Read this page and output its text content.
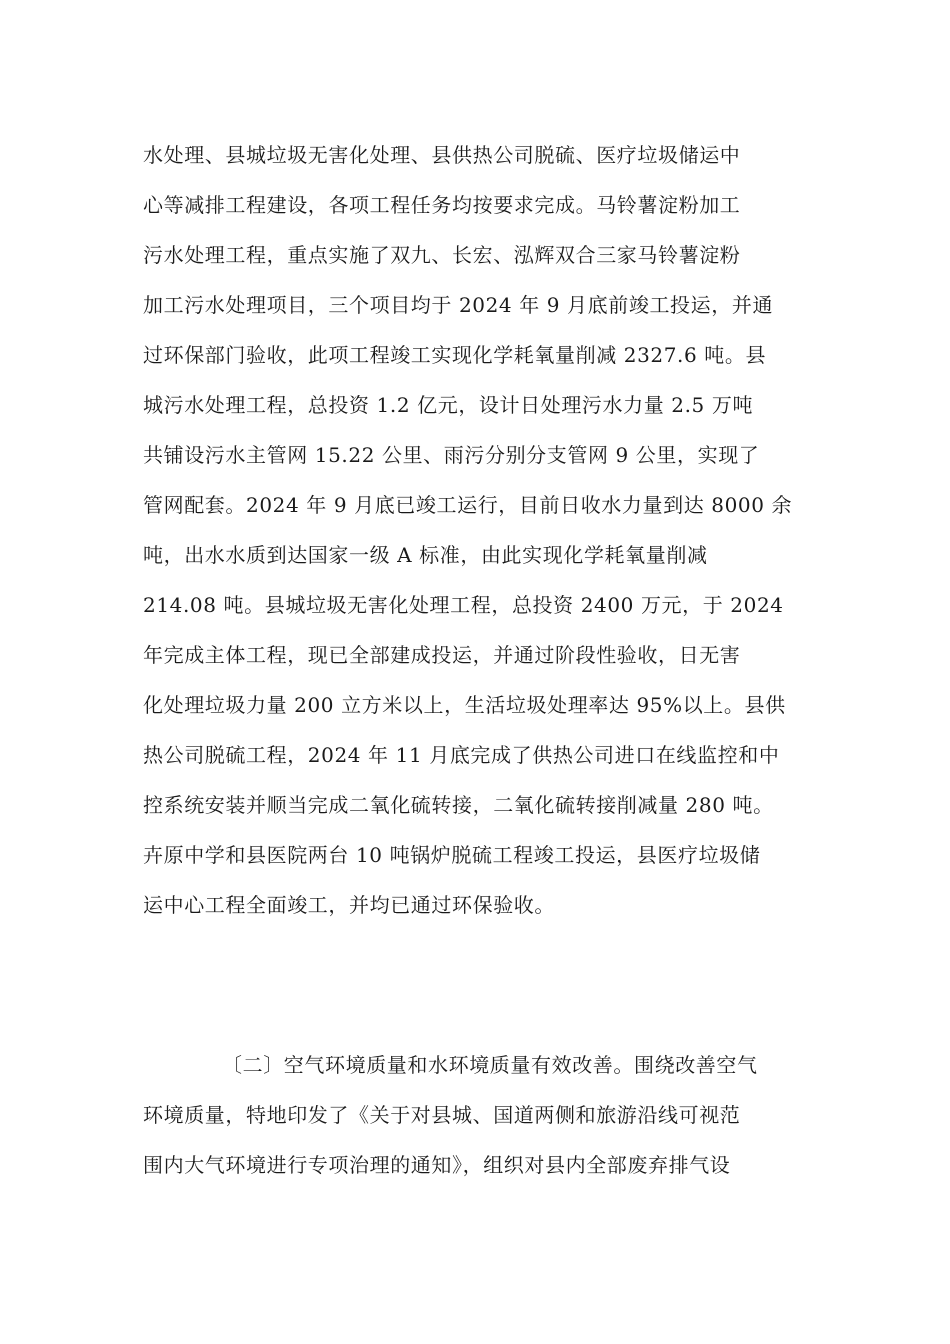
水处理、县城垃圾无害化处理、县供热公司脱硫、医疗垃圾储运中
心等减排工程建设，各项工程任务均按要求完成。马铃薯淀粉加工
污水处理工程，重点实施了双九、长宏、泓辉双合三家马铃薯淀粉
加工污水处理项目，三个项目均于 2024 年 9 月底前竣工投运，并通
过环保部门验收，此项工程竣工实现化学耗氧量削减 2327.6 吨。县
城污水处理工程，总投资 1.2 亿元，设计日处理污水力量 2.5 万吨
共铺设污水主管网 15.22 公里、雨污分别分支管网 9 公里，实现了
管网配套。2024 年 9 月底已竣工运行，目前日收水力量到达 8000 余
吨，出水水质到达国家一级 A 标准，由此实现化学耗氧量削减
214.08 吨。县城垃圾无害化处理工程，总投资 2400 万元，于 2024
年完成主体工程，现已全部建成投运，并通过阶段性验收，日无害
化处理垃圾力量 200 立方米以上，生活垃圾处理率达 95%以上。县供
热公司脱硫工程，2024 年 11 月底完成了供热公司进口在线监控和中
控系统安装并顺当完成二氧化硫转接，二氧化硫转接削减量 280 吨。
卉原中学和县医院两台 10 吨锅炉脱硫工程竣工投运，县医疗垃圾储
运中心工程全面竣工，并均已通过环保验收。
〔二〕空气环境质量和水环境质量有效改善。围绕改善空气
环境质量，特地印发了《关于对县城、国道两侧和旅游沿线可视范
围内大气环境进行专项治理的通知》，组织对县内全部废弃排气设
